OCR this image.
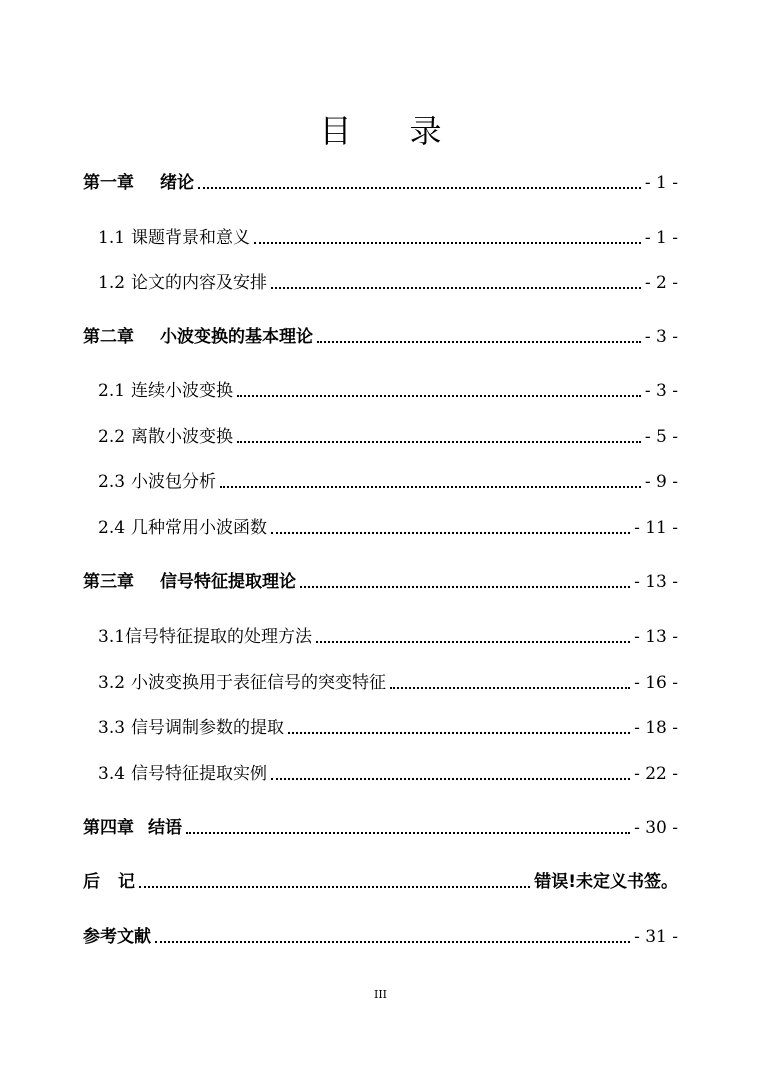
目 录
第一章 绪论	- 1 -
1.1 课题背景和意义	- 1 -
1.2 论文的内容及安排	- 2 -
第二章 小波变换的基本理论	- 3 -
2.1 连续小波变换	- 3 -
2.2 离散小波变换	- 5 -
2.3 小波包分析	- 9 -
2.4 几种常用小波函数	- 11 -
第三章 信号特征提取理论	- 13 -
3.1信号特征提取的处理方法	- 13 -
3.2 小波变换用于表征信号的突变特征	- 16 -
3.3 信号调制参数的提取	- 18 -
3.4 信号特征提取实例	- 22 -
第四章 结语	- 30 -
后 记	错误!未定义书签。
参考文献	- 31 -
III
